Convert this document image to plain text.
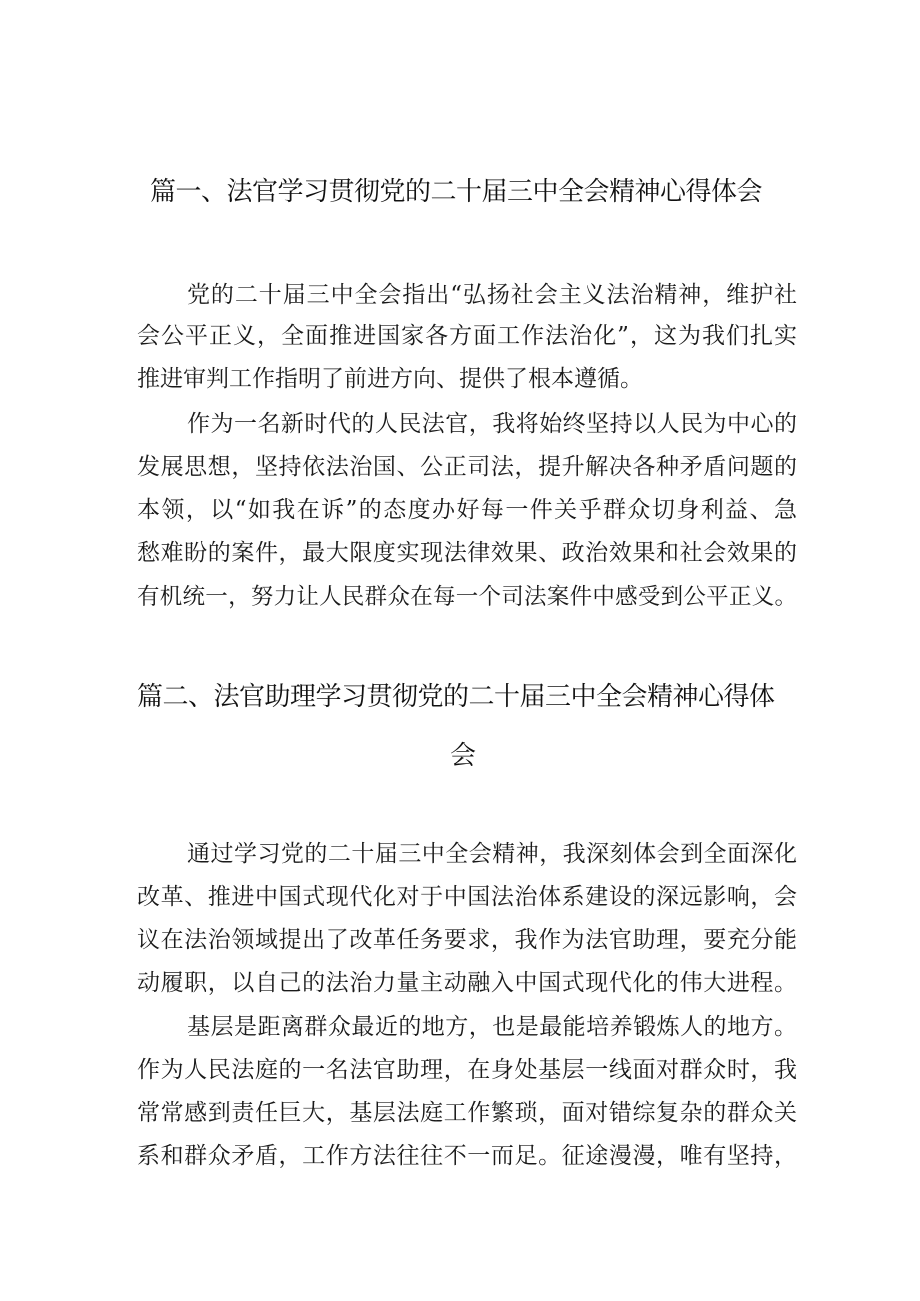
篇一、法官学习贯彻党的二十届三中全会精神心得体会
党的二十届三中全会指出“弘扬社会主义法治精神，维护社
会公平正义，全面推进国家各方面工作法治化”，这为我们扎实
推进审判工作指明了前进方向、提供了根本遵循。
作为一名新时代的人民法官，我将始终坚持以人民为中心的
发展思想，坚持依法治国、公正司法，提升解决各种矛盾问题的
本领，以“如我在诉”的态度办好每一件关乎群众切身利益、急
愁难盼的案件，最大限度实现法律效果、政治效果和社会效果的
有机统一，努力让人民群众在每一个司法案件中感受到公平正义。
篇二、法官助理学习贯彻党的二十届三中全会精神心得体
会
通过学习党的二十届三中全会精神，我深刻体会到全面深化
改革、推进中国式现代化对于中国法治体系建设的深远影响，会
议在法治领域提出了改革任务要求，我作为法官助理，要充分能
动履职，以自己的法治力量主动融入中国式现代化的伟大进程。
基层是距离群众最近的地方，也是最能培养锻炼人的地方。
作为人民法庭的一名法官助理，在身处基层一线面对群众时，我
常常感到责任巨大，基层法庭工作繁琐，面对错综复杂的群众关
系和群众矛盾，工作方法往往不一而足。征途漫漫，唯有坚持，
